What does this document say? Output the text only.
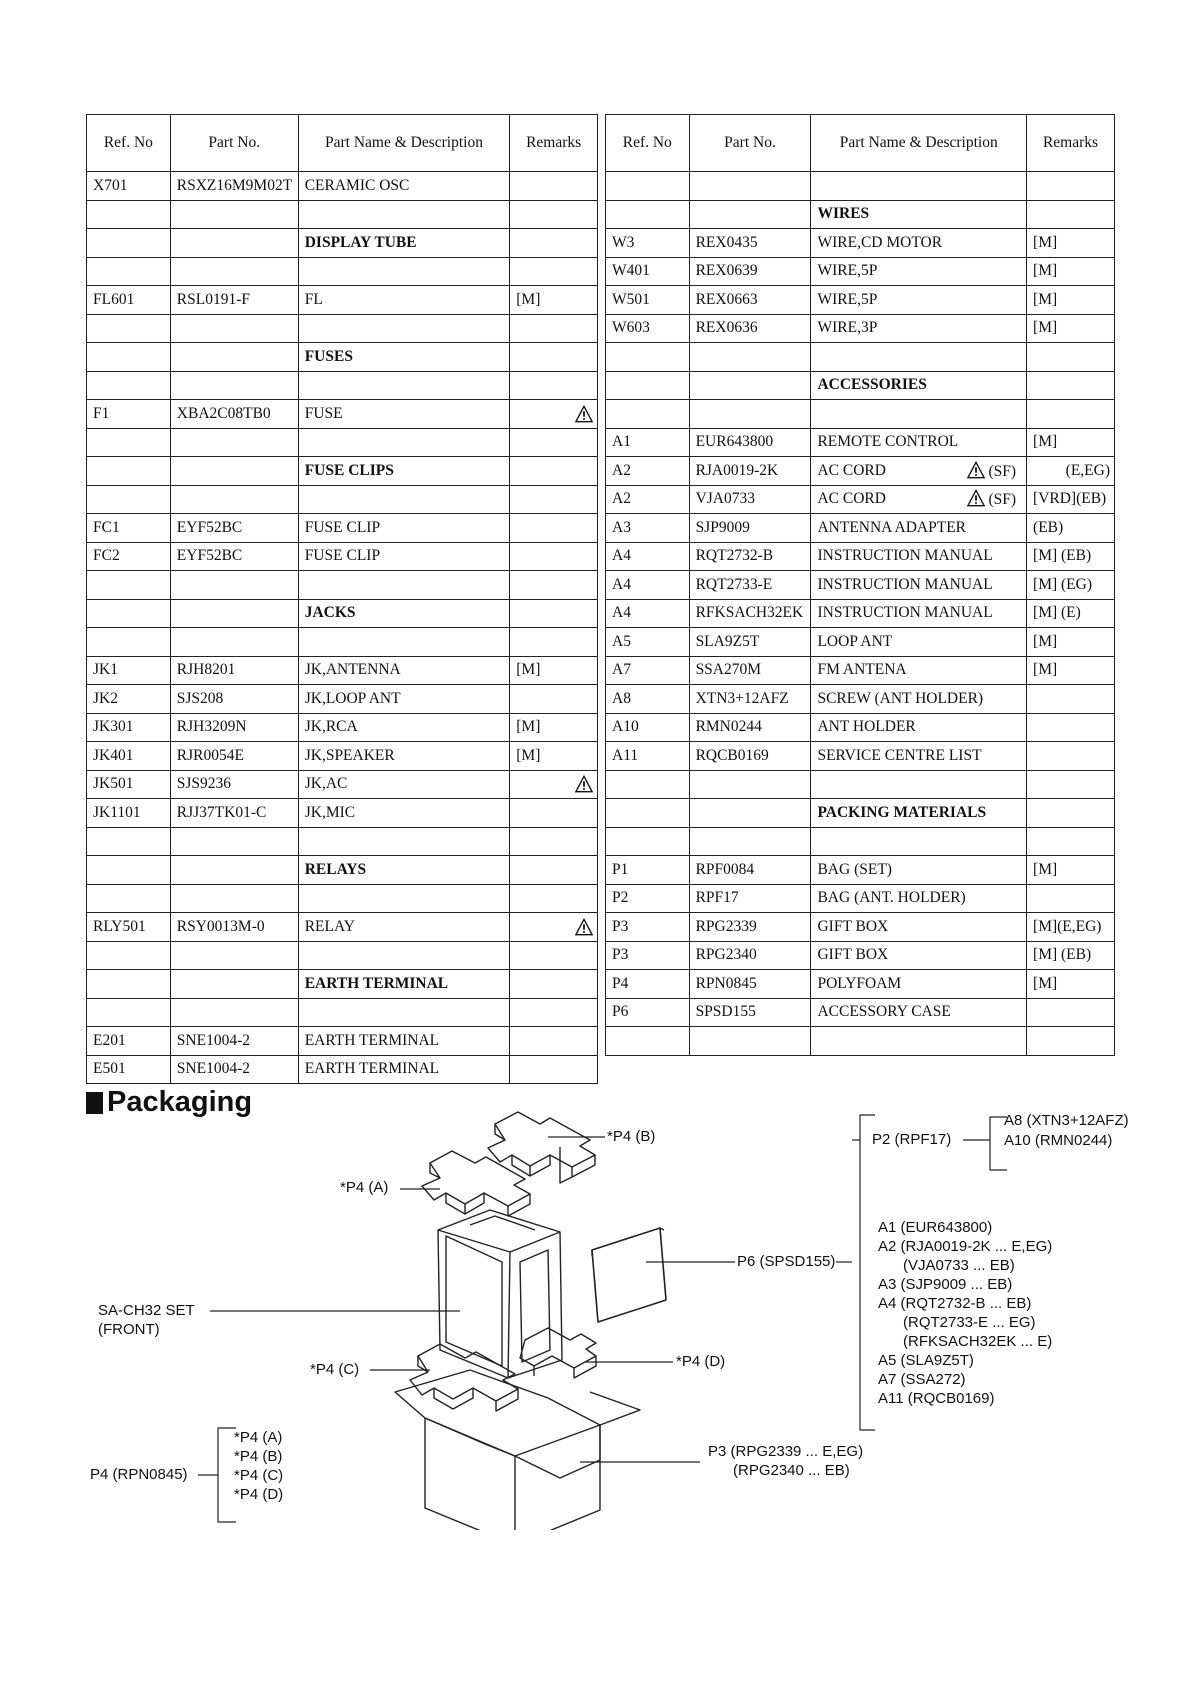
Ref. No	Part No.	Part Name & Description	Remarks
X701	RSXZ16M9M02T	CERAMIC OSC	

		DISPLAY TUBE	

FL601	RSL0191-F	FL	[M]

		FUSES	

F1	XBA2C08TB0	FUSE	

		FUSE CLIPS	

FC1	EYF52BC	FUSE CLIP	
FC2	EYF52BC	FUSE CLIP	

		JACKS	

JK1	RJH8201	JK,ANTENNA	[M]
JK2	SJS208	JK,LOOP ANT	
JK301	RJH3209N	JK,RCA	[M]
JK401	RJR0054E	JK,SPEAKER	[M]
JK501	SJS9236	JK,AC	

JK1101	RJJ37TK01-C	JK,MIC	

		RELAYS	

RLY501	RSY0013M-0	RELAY	

		EARTH TERMINAL	

E201	SNE1004-2	EARTH TERMINAL	
E501	SNE1004-2	EARTH TERMINAL	
Ref. No	Part No.	Part Name & Description	Remarks

		WIRES	
W3	REX0435	WIRE,CD MOTOR	[M]
W401	REX0639	WIRE,5P	[M]
W501	REX0663	WIRE,5P	[M]
W603	REX0636	WIRE,3P	[M]

		ACCESSORIES	

A1	EUR643800	REMOTE CONTROL	[M]
A2	RJA0019-2K	AC CORD (SF)	(E,EG)

A2	VJA0733	AC CORD (SF)	[VRD](EB)
A3	SJP9009	ANTENNA ADAPTER	(EB)
A4	RQT2732-B	INSTRUCTION MANUAL	[M] (EB)
A4	RQT2733-E	INSTRUCTION MANUAL	[M] (EG)
A4	RFKSACH32EK	INSTRUCTION MANUAL	[M] (E)
A5	SLA9Z5T	LOOP ANT	[M]
A7	SSA270M	FM ANTENA	[M]
A8	XTN3+12AFZ	SCREW (ANT HOLDER)	
A10	RMN0244	ANT HOLDER	
A11	RQCB0169	SERVICE CENTRE LIST	

		PACKING MATERIALS	

P1	RPF0084	BAG (SET)	[M]
P2	RPF17	BAG (ANT. HOLDER)	
P3	RPG2339	GIFT BOX	[M](E,EG)
P3	RPG2340	GIFT BOX	[M] (EB)
P4	RPN0845	POLYFOAM	[M]
P6	SPSD155	ACCESSORY CASE	

Packaging
*P4 (B)
*P4 (A)
SA-CH32 SET
(FRONT)
*P4 (C)	*P4 (D)
P6 (SPSD155)
P3 (RPG2339 ... E,EG)
(RPG2340 ... EB)
P4 (RPN0845)
P2 (RPF17)
*P4 (A)
*P4 (B)
*P4 (C)
*P4 (D)
A8 (XTN3+12AFZ)
A10 (RMN0244)
A1 (EUR643800)
A2 (RJA0019-2K ... E,EG)
(VJA0733 ... EB)
A3 (SJP9009 ... EB)
A4 (RQT2732-B ... EB)
(RQT2733-E ... EG)
(RFKSACH32EK ... E)
A5 (SLA9Z5T)
A7 (SSA272)
A11 (RQCB0169)
